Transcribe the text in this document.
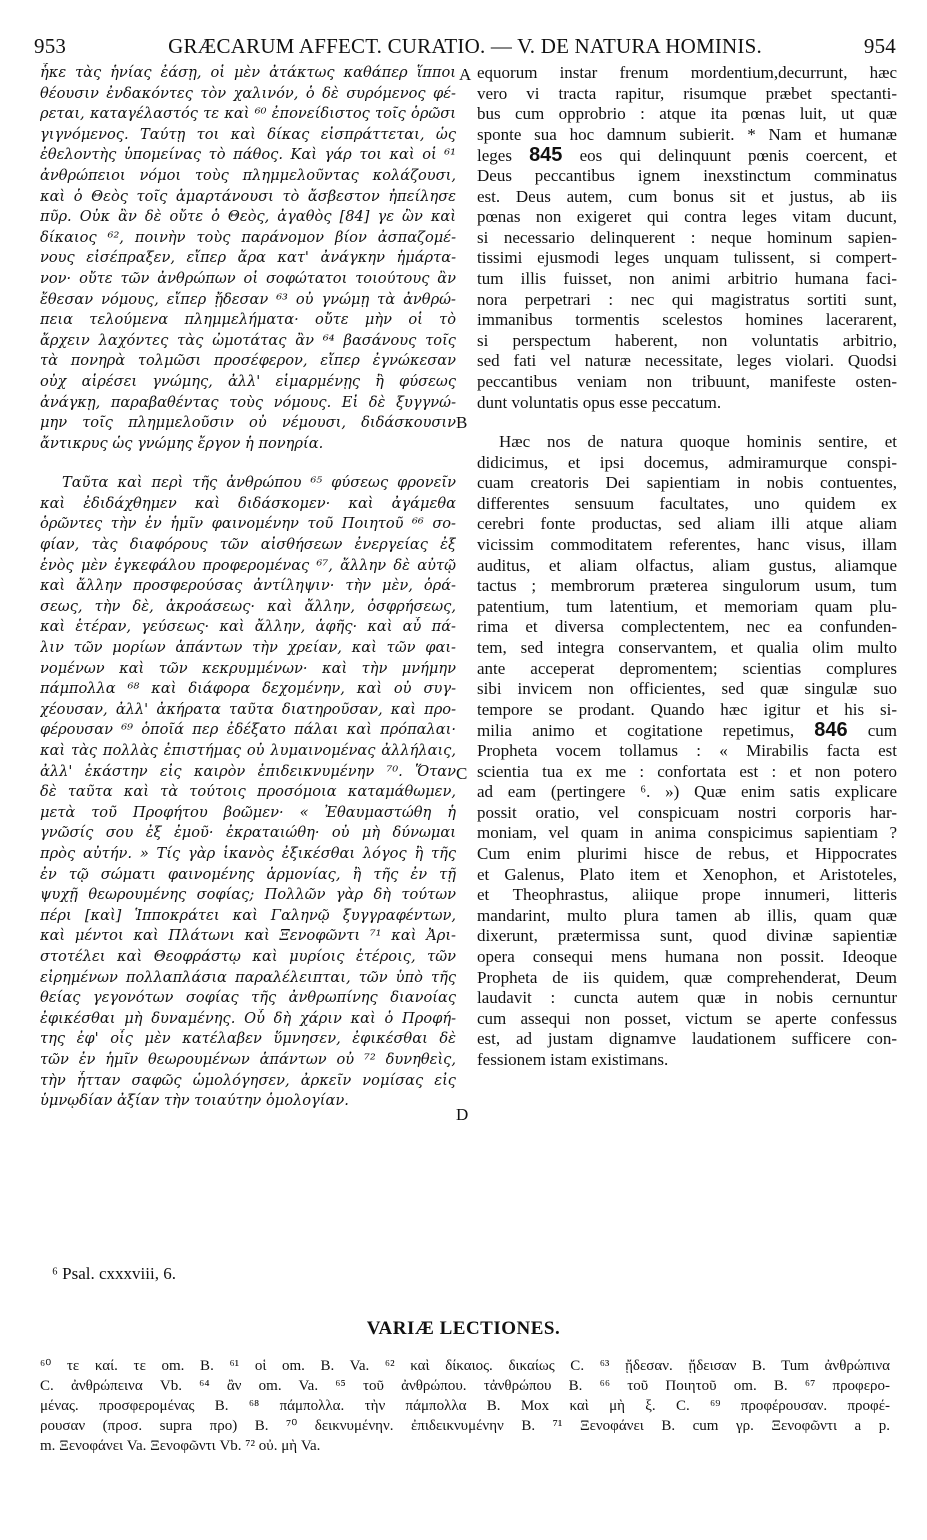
953	GRÆCARUM AFFECT. CURATIO. — V. DE NATURA HOMINIS.	954
ἧκε τὰς ἡνίας ἐάσῃ, οἱ μὲν ἀτάκτως καθάπερ ἵπποι
θέουσιν ἐνδακόντες τὸν χαλινόν, ὁ δὲ συρόμενος φέ-
ρεται, καταγέλαστός τε καὶ ⁶⁰ ἐπονείδιστος τοῖς ὁρῶσι
γιγνόμενος. Ταύτῃ τοι καὶ δίκας εἰσπράττεται, ὡς
ἐθελοντὴς ὑπομείνας τὸ πάθος. Καὶ γάρ τοι καὶ οἱ ⁶¹
ἀνθρώπειοι νόμοι τοὺς πλημμελοῦντας κολάζουσι,
καὶ ὁ Θεὸς τοῖς ἁμαρτάνουσι τὸ ἄσβεστον ἠπείλησε
πῦρ. Οὐκ ἂν δὲ οὔτε ὁ Θεὸς, ἀγαθὸς [84] γε ὢν καὶ
δίκαιος ⁶², ποινὴν τοὺς παράνομον βίον ἀσπαζομέ-
νους εἰσέπραξεν, εἴπερ ἄρα κατ' ἀνάγκην ἡμάρτα-
νον· οὔτε τῶν ἀνθρώπων οἱ σοφώτατοι τοιούτους ἂν
ἔθεσαν νόμους, εἴπερ ᾔδεσαν ⁶³ οὐ γνώμῃ τὰ ἀνθρώ-
πεια τελούμενα πλημμελήματα· οὔτε μὴν οἱ τὸ
ἄρχειν λαχόντες τὰς ὠμοτάτας ἂν ⁶⁴ βασάνους τοῖς
τὰ πονηρὰ τολμῶσι προσέφερον, εἴπερ ἐγνώκεσαν
οὐχ αἱρέσει γνώμης, ἀλλ' εἱμαρμένῃς ἢ φύσεως
ἀνάγκῃ, παραβαθέντας τοὺς νόμους. Εἰ δὲ ξυγγνώ-
μην τοῖς πλημμελοῦσιν οὐ νέμουσι, διδάσκουσιν
ἄντικρυς ὡς γνώμης ἔργον ἡ πονηρία.
Ταῦτα καὶ περὶ τῆς ἀνθρώπου ⁶⁵ φύσεως φρονεῖν
καὶ ἐδιδάχθημεν καὶ διδάσκομεν· καὶ ἀγάμεθα
ὁρῶντες τὴν ἐν ἡμῖν φαινομένην τοῦ Ποιητοῦ ⁶⁶ σο-
φίαν, τὰς διαφόρους τῶν αἰσθήσεων ἐνεργείας ἐξ
ἑνὸς μὲν ἐγκεφάλου προφερομένας ⁶⁷, ἄλλην δὲ αὐτῷ
καὶ ἄλλην προσφερούσας ἀντίληψιν· τὴν μὲν, ὁρά-
σεως, τὴν δὲ, ἀκροάσεως· καὶ ἄλλην, ὀσφρήσεως,
καὶ ἑτέραν, γεύσεως· καὶ ἄλλην, ἁφῆς· καὶ αὖ πά-
λιν τῶν μορίων ἁπάντων τὴν χρείαν, καὶ τῶν φαι-
νομένων καὶ τῶν κεκρυμμένων· καὶ τὴν μνήμην
πάμπολλα ⁶⁸ καὶ διάφορα δεχομένην, καὶ οὐ συγ-
χέουσαν, ἀλλ' ἀκήρατα ταῦτα διατηροῦσαν, καὶ προ-
φέρουσαν ⁶⁹ ὁποῖά περ ἐδέξατο πάλαι καὶ πρόπαλαι·
καὶ τὰς πολλὰς ἐπιστήμας οὐ λυμαινομένας ἀλλήλαις,
ἀλλ' ἑκάστην εἰς καιρὸν ἐπιδεικνυμένην ⁷⁰. Ὅταν
δὲ ταῦτα καὶ τὰ τούτοις προσόμοια καταμάθωμεν,
μετὰ τοῦ Προφήτου βοῶμεν· « Ἐθαυμαστώθη ἡ
γνῶσίς σου ἐξ ἐμοῦ· ἐκραταιώθη· οὐ μὴ δύνωμαι
πρὸς αὐτήν. » Τίς γὰρ ἱκανὸς ἐξικέσθαι λόγος ἢ τῆς
ἐν τῷ σώματι φαινομένης ἁρμονίας, ἢ τῆς ἐν τῇ
ψυχῇ θεωρουμένης σοφίας; Πολλῶν γὰρ δὴ τούτων
πέρι [καὶ] Ἱπποκράτει καὶ Γαληνῷ ξυγγραφέντων,
καὶ μέντοι καὶ Πλάτωνι καὶ Ξενοφῶντι ⁷¹ καὶ Ἀρι-
στοτέλει καὶ Θεοφράστῳ καὶ μυρίοις ἑτέροις, τῶν
εἰρημένων πολλαπλάσια παραλέλειπται, τῶν ὑπὸ τῆς
θείας γεγονότων σοφίας τῆς ἀνθρωπίνης διανοίας
ἐφικέσθαι μὴ δυναμένης. Οὗ δὴ χάριν καὶ ὁ Προφή-
της ἐφ' οἷς μὲν κατέλαβεν ὕμνησεν, ἐφικέσθαι δὲ
τῶν ἐν ἡμῖν θεωρουμένων ἁπάντων οὐ ⁷² δυνηθεὶς,
τὴν ἧτταν σαφῶς ὡμολόγησεν, ἀρκεῖν νομίσας εἰς
ὑμνῳδίαν ἀξίαν τὴν τοιαύτην ὁμολογίαν.
equorum instar frenum mordentium,decurrunt, hæc
vero vi tracta rapitur, risumque præbet spectanti-
bus cum opprobrio : atque ita pœnas luit, ut quæ
sponte sua hoc damnum subierit. * Nam et humanæ
leges 845 eos qui delinquunt pœnis coercent, et
Deus peccantibus ignem inexstinctum comminatus
est. Deus autem, cum bonus sit et justus, ab iis
pœnas non exigeret qui contra leges vitam ducunt,
si necessario delinquerent : neque hominum sapien-
tissimi ejusmodi leges unquam tulissent, si compert-
tum illis fuisset, non animi arbitrio humana faci-
nora perpetrari : nec qui magistratus sortiti sunt,
immanibus tormentis scelestos homines lacerarent,
si perspectum haberent, non voluntatis arbitrio,
sed fati vel naturæ necessitate, leges violari. Quodsi
peccantibus veniam non tribuunt, manifeste osten-
dunt voluntatis opus esse peccatum.
Hæc nos de natura quoque hominis sentire, et
didicimus, et ipsi docemus, admiramurque conspi-
cuam creatoris Dei sapientiam in nobis contuentes,
differentes sensuum facultates, uno quidem ex
cerebri fonte productas, sed aliam illi atque aliam
vicissim commoditatem referentes, hanc visus, illam
auditus, et aliam olfactus, aliam gustus, aliamque
tactus ; membrorum præterea singulorum usum, tum
patentium, tum latentium, et memoriam quam plu-
rima et diversa complectentem, nec ea confunden-
tem, sed integra conservantem, et qualia olim multo
ante acceperat depromentem; scientias complures
sibi invicem non officientes, sed quæ singulæ suo
tempore se prodant. Quando hæc igitur et his si-
milia animo et cogitatione repetimus, 846 cum
Propheta vocem tollamus : « Mirabilis facta est
scientia tua ex me : confortata est : et non potero
ad eam (pertingere ⁶. ») Quæ enim satis explicare
possit oratio, vel conspicuam nostri corporis har-
moniam, vel quam in anima conspicimus sapientiam ?
Cum enim plurimi hisce de rebus, et Hippocrates
et Galenus, Plato item et Xenophon, et Aristoteles,
et Theophrastus, aliique prope innumeri, litteris
mandarint, multo plura tamen ab illis, quam quæ
dixerunt, prætermissa sunt, quod divinæ sapientiæ
opera consequi mens humana non possit. Ideoque
Propheta de iis quidem, quæ comprehenderat, Deum
laudavit : cuncta autem quæ in nobis cernuntur
cum assequi non posset, victum se aperte confessus
est, ad justam dignamve laudationem sufficere con-
fessionem istam existimans.
A
B
C
D
⁶ Psal. cxxxviii, 6.
VARIÆ LECTIONES.
⁶⁰ τε καί. τε om. B. ⁶¹ οἱ om. B. Va. ⁶² καὶ δίκαιος. δικαίως C. ⁶³ ᾔδεσαν. ᾔδεισαν B. Tum ἀνθρώπινα
C. ἀνθρώπεινα Vb. ⁶⁴ ἂν om. Va. ⁶⁵ τοῦ ἀνθρώπου. τἀνθρώπου B. ⁶⁶ τοῦ Ποιητοῦ om. B. ⁶⁷ προφερο-
μένας. προσφερομένας B. ⁶⁸ πάμπολλα. τὴν πάμπολλα B. Mox καὶ μὴ ξ. C. ⁶⁹ προφέρουσαν. προφέ-
ρουσαν (προσ. supra προ) B. ⁷⁰ δεικνυμένην. ἐπιδεικνυμένην B. ⁷¹ Ξενοφάνει B. cum γρ. Ξενοφῶντι a p.
m. Ξενοφάνει Va. Ξενοφῶντι Vb. ⁷² οὐ. μὴ Va.
